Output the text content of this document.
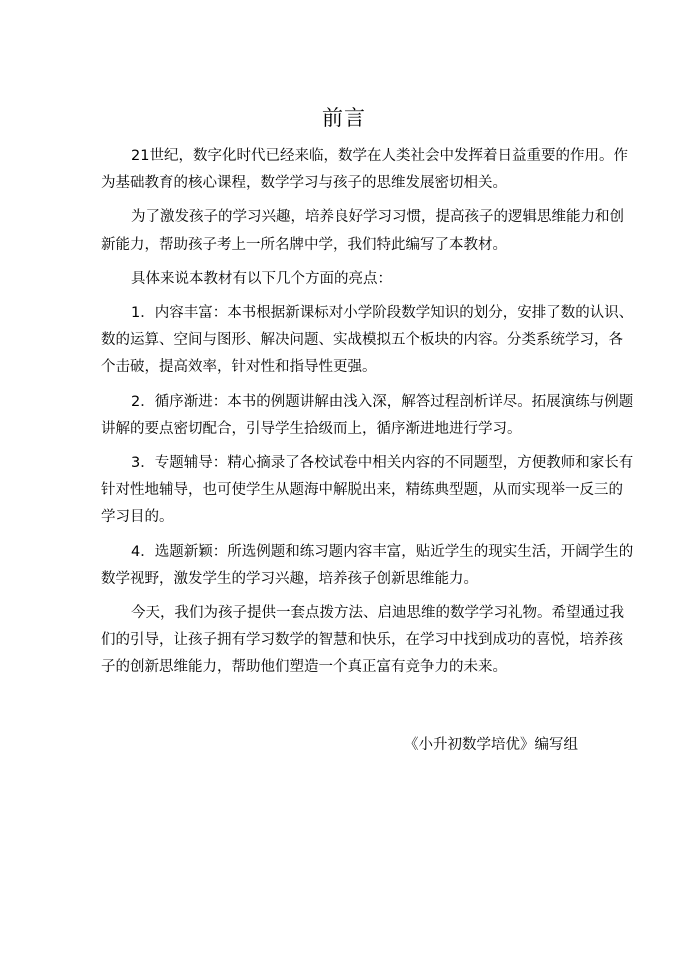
前言

21世纪，数字化时代已经来临，数学在人类社会中发挥着日益重要的作用。作
为基础教育的核心课程，数学学习与孩子的思维发展密切相关。

为了激发孩子的学习兴趣，培养良好学习习惯，提高孩子的逻辑思维能力和创
新能力，帮助孩子考上一所名牌中学，我们特此编写了本教材。

具体来说本教材有以下几个方面的亮点：

1．内容丰富：本书根据新课标对小学阶段数学知识的划分，安排了数的认识、
数的运算、空间与图形、解决问题、实战模拟五个板块的内容。分类系统学习，各
个击破，提高效率，针对性和指导性更强。

2．循序渐进：本书的例题讲解由浅入深，解答过程剖析详尽。拓展演练与例题
讲解的要点密切配合，引导学生拾级而上，循序渐进地进行学习。

3．专题辅导：精心摘录了各校试卷中相关内容的不同题型，方便教师和家长有
针对性地辅导，也可使学生从题海中解脱出来，精练典型题，从而实现举一反三的
学习目的。

4．选题新颖：所选例题和练习题内容丰富，贴近学生的现实生活，开阔学生的
数学视野，激发学生的学习兴趣，培养孩子创新思维能力。

今天，我们为孩子提供一套点拨方法、启迪思维的数学学习礼物。希望通过我
们的引导，让孩子拥有学习数学的智慧和快乐，在学习中找到成功的喜悦，培养孩
子的创新思维能力，帮助他们塑造一个真正富有竞争力的未来。

《小升初数学培优》编写组
